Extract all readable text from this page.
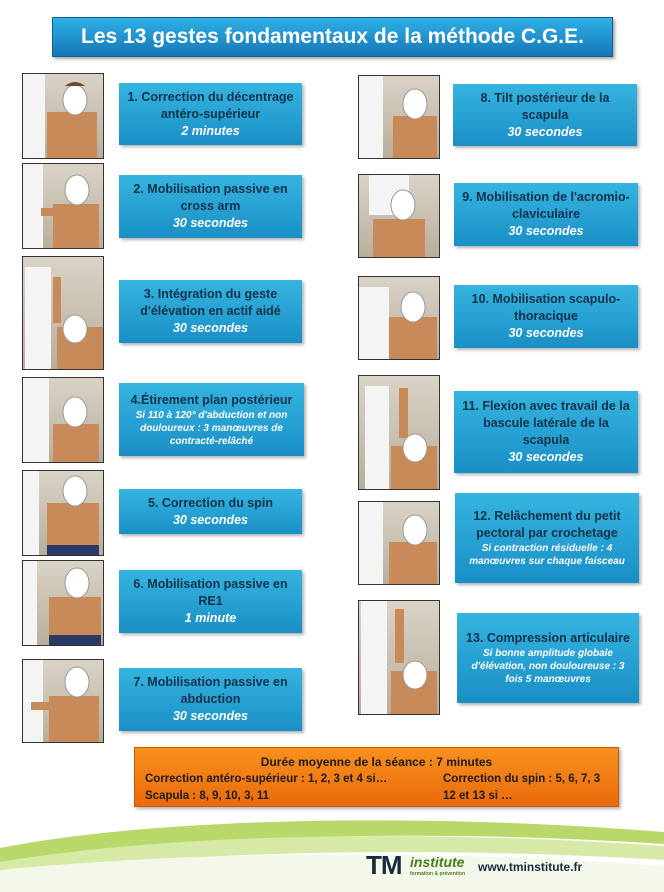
Les 13 gestes fondamentaux de la méthode C.G.E.
1. Correction du décentrage antéro-supérieur
2 minutes
2. Mobilisation passive en cross arm
30 secondes
3. Intégration du geste d'élévation en actif aidé
30 secondes
4.Étirement plan postérieur
Si 110 à 120° d'abduction et non douloureux : 3 manœuvres de contracté-relâché
5. Correction du spin
30 secondes
6. Mobilisation passive en RE1
1 minute
7. Mobilisation passive en abduction
30 secondes
8. Tilt postérieur de la scapula
30 secondes
9. Mobilisation de l'acromio-claviculaire
30 secondes
10. Mobilisation scapulo-thoracique
30 secondes
11. Flexion avec travail de la bascule latérale de la scapula
30 secondes
12. Relâchement du petit pectoral par crochetage
Si contraction résiduelle : 4 manœuvres sur chaque faisceau
13. Compression articulaire
Si bonne amplitude globale d'élévation, non douloureuse : 3 fois 5 manœuvres
Durée moyenne de la séance : 7 minutes
Correction antéro-supérieur : 1, 2, 3 et 4 si…	Correction du spin : 5, 6, 7, 3
Scapula : 8, 9, 10, 3, 11	12 et 13 si …
TM institute
formation & prévention www.tminstitute.fr
